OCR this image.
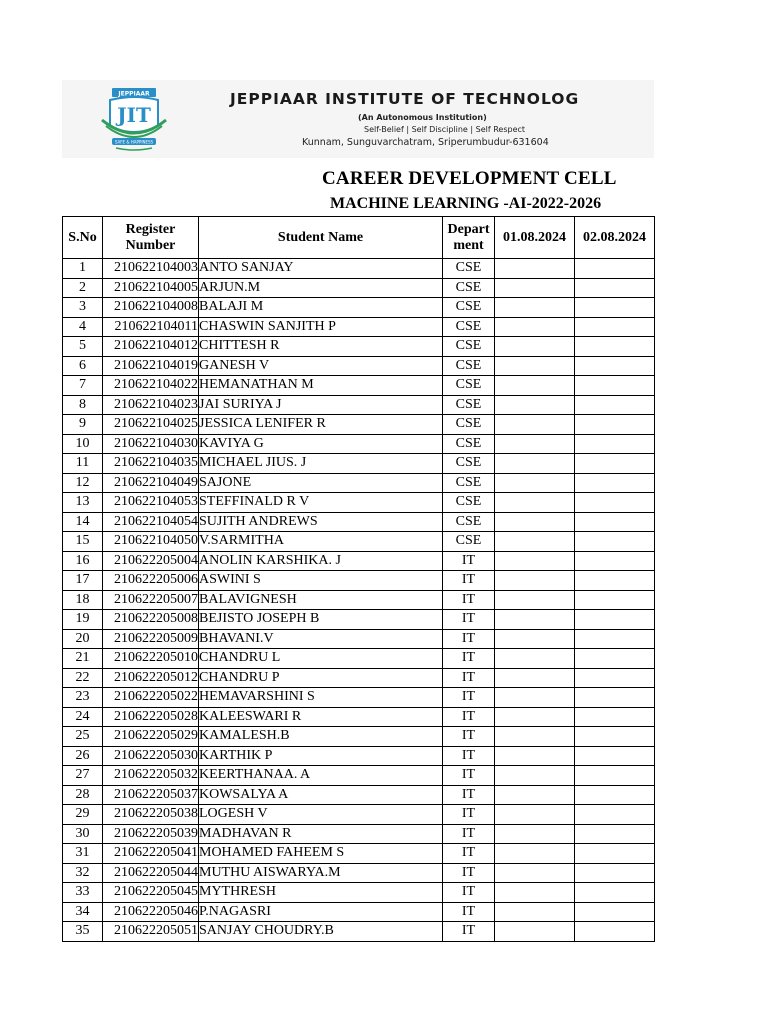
JEPPIAAR
JIT
SAFE & HAPPINESS
JEPPIAAR INSTITUTE OF TECHNOLOG
(An Autonomous Institution)
Self-Belief | Self Discipline | Self Respect
Kunnam, Sunguvarchatram, Sriperumbudur-631604
CAREER DEVELOPMENT CELL
MACHINE LEARNING -AI-2022-2026
S.No	Register Number	Student Name	Depart ment	01.08.2024	02.08.2024
1	210622104003	ANTO SANJAY	CSE		
2	210622104005	ARJUN.M	CSE		
3	210622104008	BALAJI M	CSE		
4	210622104011	CHASWIN SANJITH P	CSE		
5	210622104012	CHITTESH R	CSE		
6	210622104019	GANESH V	CSE		
7	210622104022	HEMANATHAN M	CSE		
8	210622104023	JAI SURIYA J	CSE		
9	210622104025	JESSICA LENIFER R	CSE		
10	210622104030	KAVIYA G	CSE		
11	210622104035	MICHAEL JIUS. J	CSE		
12	210622104049	SAJONE	CSE		
13	210622104053	STEFFINALD R V	CSE		
14	210622104054	SUJITH ANDREWS	CSE		
15	210622104050	V.SARMITHA	CSE		
16	210622205004	ANOLIN KARSHIKA. J	IT		
17	210622205006	ASWINI S	IT		
18	210622205007	BALAVIGNESH	IT		
19	210622205008	BEJISTO JOSEPH B	IT		
20	210622205009	BHAVANI.V	IT		
21	210622205010	CHANDRU L	IT		
22	210622205012	CHANDRU P	IT		
23	210622205022	HEMAVARSHINI S	IT		
24	210622205028	KALEESWARI R	IT		
25	210622205029	KAMALESH.B	IT		
26	210622205030	KARTHIK P	IT		
27	210622205032	KEERTHANAA. A	IT		
28	210622205037	KOWSALYA A	IT		
29	210622205038	LOGESH V	IT		
30	210622205039	MADHAVAN R	IT		
31	210622205041	MOHAMED FAHEEM S	IT		
32	210622205044	MUTHU AISWARYA.M	IT		
33	210622205045	MYTHRESH	IT		
34	210622205046	P.NAGASRI	IT		
35	210622205051	SANJAY CHOUDRY.B	IT		
